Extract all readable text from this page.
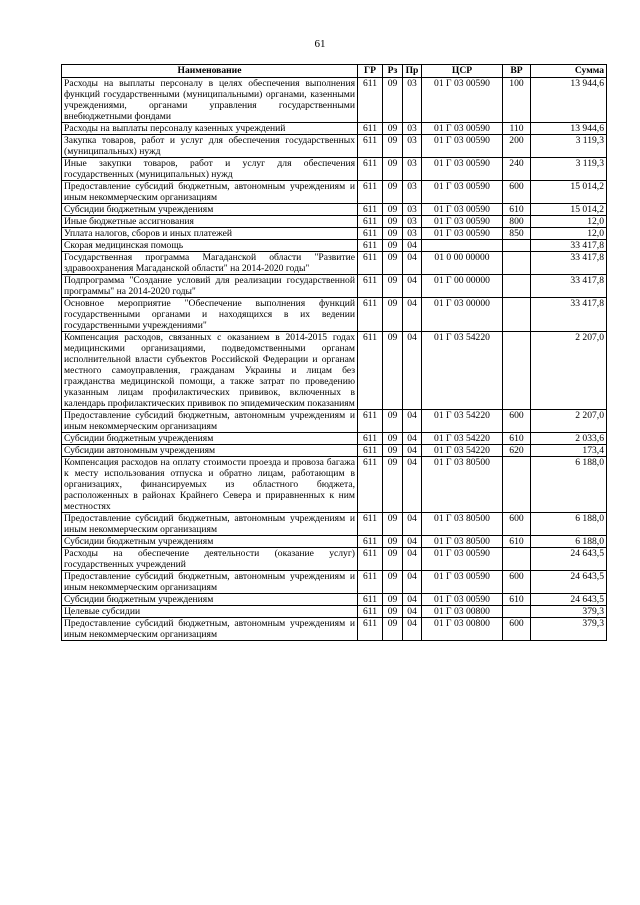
61
Наименование	ГР	Рз	Пр	ЦСР	ВР	Сумма
Расходы на выплаты персоналу в целях обеспечения выполнения функций государственными (муниципальными) органами, казенными учреждениями, органами управления государственными внебюджетными фондами	611	09	03	01 Г 03 00590	100	13 944,6
Расходы на выплаты персоналу казенных учреждений	611	09	03	01 Г 03 00590	110	13 944,6
Закупка товаров, работ и услуг для обеспечения государственных (муниципальных) нужд	611	09	03	01 Г 03 00590	200	3 119,3
Иные закупки товаров, работ и услуг для обеспечения государственных (муниципальных) нужд	611	09	03	01 Г 03 00590	240	3 119,3
Предоставление субсидий бюджетным, автономным учреждениям и иным некоммерческим организациям	611	09	03	01 Г 03 00590	600	15 014,2
Субсидии бюджетным учреждениям	611	09	03	01 Г 03 00590	610	15 014,2
Иные бюджетные ассигнования	611	09	03	01 Г 03 00590	800	12,0
Уплата налогов, сборов и иных платежей	611	09	03	01 Г 03 00590	850	12,0
Скорая медицинская помощь	611	09	04			33 417,8
Государственная программа Магаданской области "Развитие здравоохранения Магаданской области" на 2014-2020 годы"	611	09	04	01 0 00 00000		33 417,8
Подпрограмма "Создание условий для реализации государственной программы" на 2014-2020 годы"	611	09	04	01 Г 00 00000		33 417,8
Основное мероприятие "Обеспечение выполнения функций государственными органами и находящихся в их ведении государственными учреждениями"	611	09	04	01 Г 03 00000		33 417,8
Компенсация расходов, связанных с оказанием в 2014-2015 годах медицинскими организациями, подведомственными органам исполнительной власти субъектов Российской Федерации и органам местного самоуправления, гражданам Украины и лицам без гражданства медицинской помощи, а также затрат по проведению указанным лицам профилактических прививок, включенных в календарь профилактических прививок по эпидемическим показаниям	611	09	04	01 Г 03 54220		2 207,0
Предоставление субсидий бюджетным, автономным учреждениям и иным некоммерческим организациям	611	09	04	01 Г 03 54220	600	2 207,0
Субсидии бюджетным учреждениям	611	09	04	01 Г 03 54220	610	2 033,6
Субсидии автономным учреждениям	611	09	04	01 Г 03 54220	620	173,4
Компенсация расходов на оплату стоимости проезда и провоза багажа к месту использования отпуска и обратно лицам, работающим в организациях, финансируемых из областного бюджета, расположенных в районах Крайнего Севера и приравненных к ним местностях	611	09	04	01 Г 03 80500		6 188,0
Предоставление субсидий бюджетным, автономным учреждениям и иным некоммерческим организациям	611	09	04	01 Г 03 80500	600	6 188,0
Субсидии бюджетным учреждениям	611	09	04	01 Г 03 80500	610	6 188,0
Расходы на обеспечение деятельности (оказание услуг) государственных учреждений	611	09	04	01 Г 03 00590		24 643,5
Предоставление субсидий бюджетным, автономным учреждениям и иным некоммерческим организациям	611	09	04	01 Г 03 00590	600	24 643,5
Субсидии бюджетным учреждениям	611	09	04	01 Г 03 00590	610	24 643,5
Целевые субсидии	611	09	04	01 Г 03 00800		379,3
Предоставление субсидий бюджетным, автономным учреждениям и иным некоммерческим организациям	611	09	04	01 Г 03 00800	600	379,3
